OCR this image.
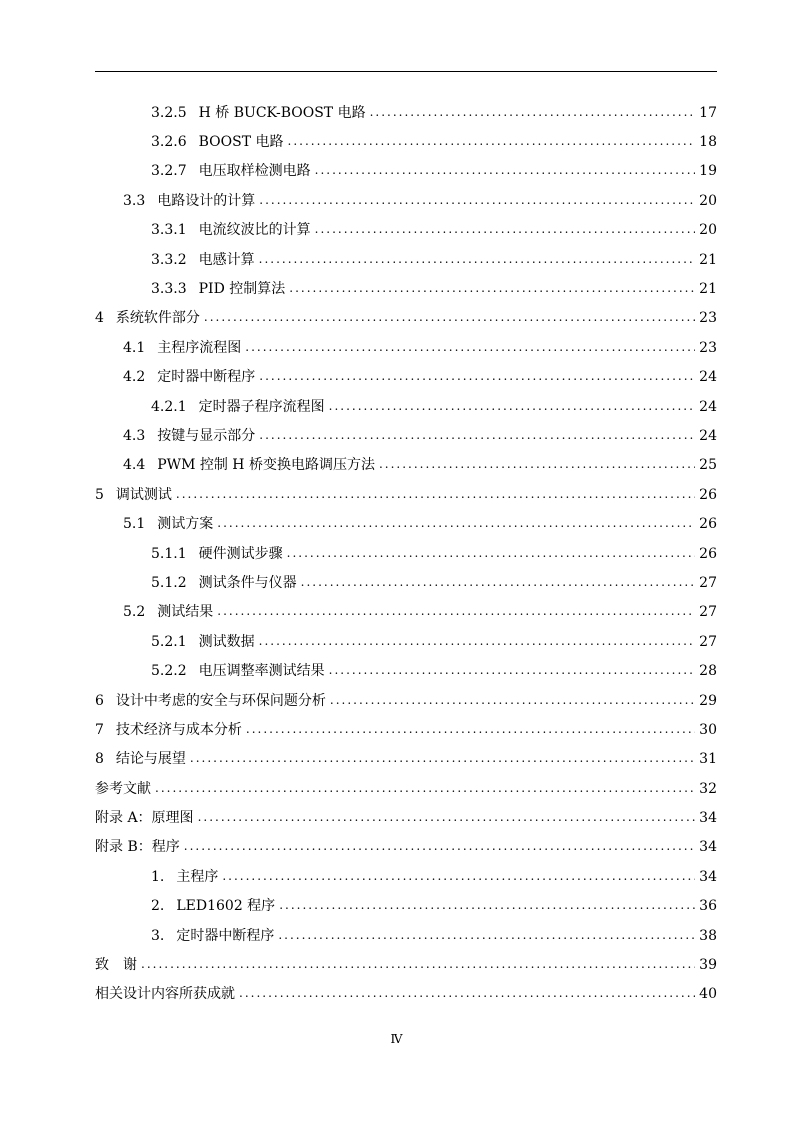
3.2.5 H 桥 BUCK-BOOST 电路 .....	17
3.2.6 BOOST 电路 .....	18
3.2.7 电压取样检测电路 .....	19
3.3 电路设计的计算 .....	20
3.3.1 电流纹波比的计算 .....	20
3.3.2 电感计算 .....	21
3.3.3 PID 控制算法 .....	21
4 系统软件部分 .....	23
4.1 主程序流程图 .....	23
4.2 定时器中断程序 .....	24
4.2.1 定时器子程序流程图 .....	24
4.3 按键与显示部分 .....	24
4.4 PWM 控制 H 桥变换电路调压方法 .....	25
5 调试测试 .....	26
5.1 测试方案 .....	26
5.1.1 硬件测试步骤 .....	26
5.1.2 测试条件与仪器 .....	27
5.2 测试结果 .....	27
5.2.1 测试数据 .....	27
5.2.2 电压调整率测试结果 .....	28
6 设计中考虑的安全与环保问题分析 .....	29
7 技术经济与成本分析 .....	30
8 结论与展望 .....	31
参考文献 .....	32
附录 A：原理图 .....	34
附录 B：程序 .....	34
1. 主程序 .....	34
2. LED1602 程序 .....	36
3. 定时器中断程序 .....	38
致　谢 .....	39
相关设计内容所获成就 .....	40
Ⅳ
